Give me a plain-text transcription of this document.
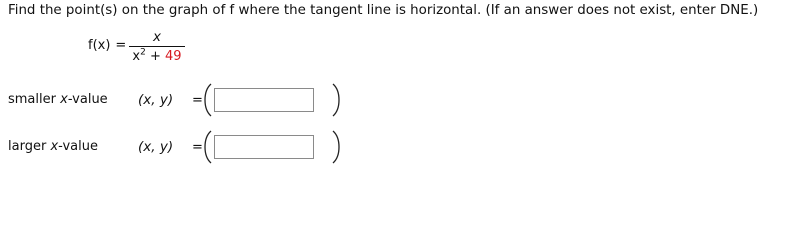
Find the point(s) on the graph of f where the tangent line is horizontal. (If an answer does not exist, enter DNE.)
f(x) =
x
$x^2 + 49$
smaller x-value (x, y) =
larger x-value	(x, y) =
